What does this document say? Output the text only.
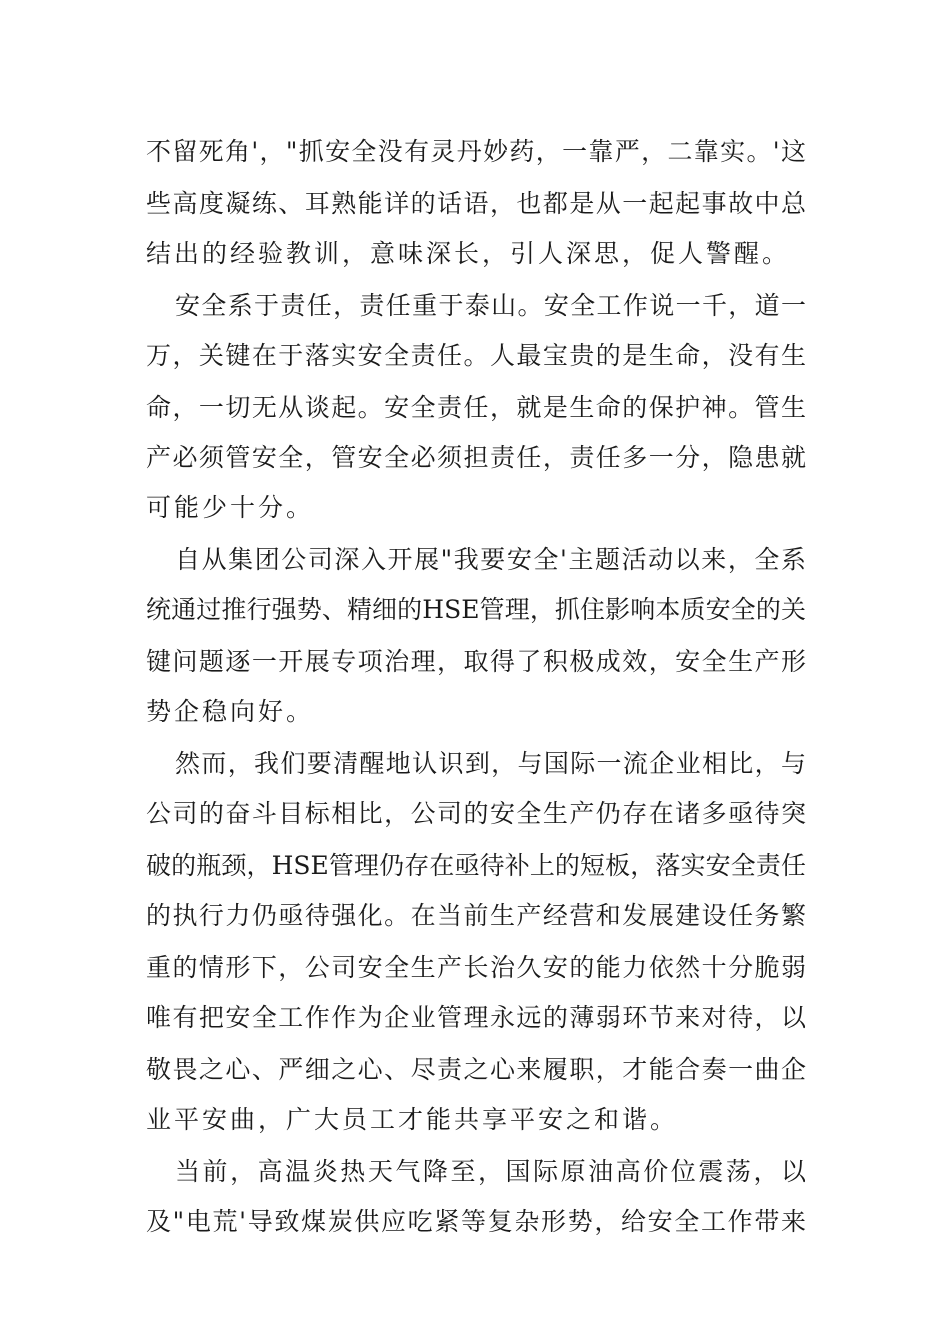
不留死角'，"抓安全没有灵丹妙药，一靠严，二靠实。'这
些高度凝练、耳熟能详的话语，也都是从一起起事故中总
结出的经验教训，意味深长，引人深思，促人警醒。
安全系于责任，责任重于泰山。安全工作说一千，道一
万，关键在于落实安全责任。人最宝贵的是生命，没有生
命，一切无从谈起。安全责任，就是生命的保护神。管生
产必须管安全，管安全必须担责任，责任多一分，隐患就
可能少十分。
自从集团公司深入开展"我要安全'主题活动以来，全系
统通过推行强势、精细的HSE管理，抓住影响本质安全的关
键问题逐一开展专项治理，取得了积极成效，安全生产形
势企稳向好。
然而，我们要清醒地认识到，与国际一流企业相比，与
公司的奋斗目标相比，公司的安全生产仍存在诸多亟待突
破的瓶颈，HSE管理仍存在亟待补上的短板，落实安全责任
的执行力仍亟待强化。在当前生产经营和发展建设任务繁
重的情形下，公司安全生产长治久安的能力依然十分脆弱
唯有把安全工作作为企业管理永远的薄弱环节来对待，以
敬畏之心、严细之心、尽责之心来履职，才能合奏一曲企
业平安曲，广大员工才能共享平安之和谐。
当前，高温炎热天气降至，国际原油高价位震荡，以
及"电荒'导致煤炭供应吃紧等复杂形势，给安全工作带来
